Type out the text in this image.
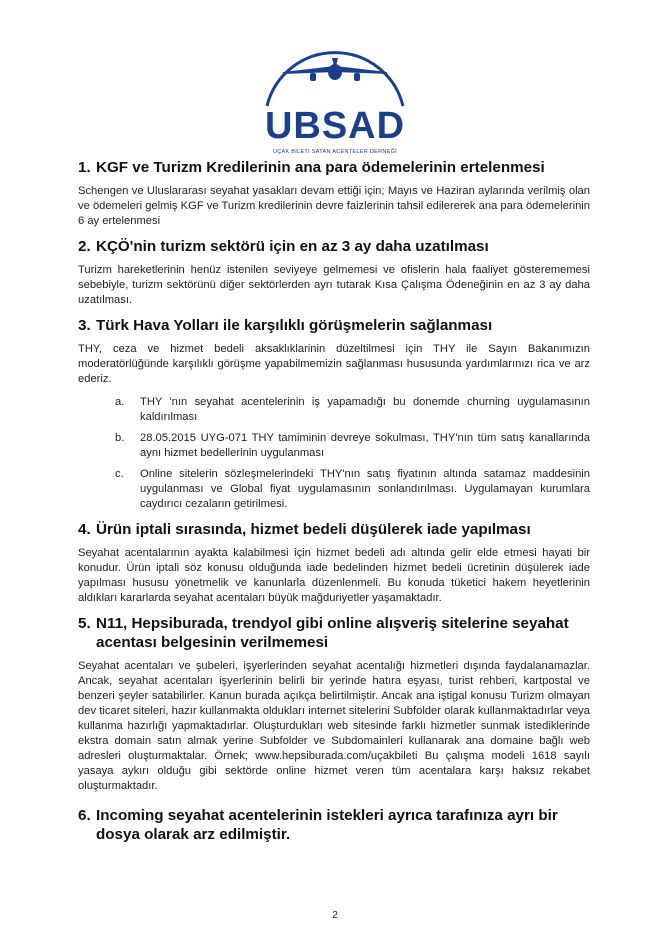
UBSAD
UÇAK BİLETİ SATAN ACENTELER DERNEĞİ
1. KGF ve Turizm Kredilerinin ana para ödemelerinin ertelenmesi

Schengen ve Uluslararası seyahat yasakları devam ettiği için; Mayıs ve Haziran aylarında verilmiş olan ve ödemeleri gelmiş KGF ve Turizm kredilerinin devre faizlerinin tahsil edilererek ana para ödemelerinin 6 ay ertelenmesi

2. KÇÖ'nin turizm sektörü için en az 3 ay daha uzatılması

Turizm hareketlerinin henüz istenilen seviyeye gelmemesi ve ofislerin hala faaliyet gösterememesi sebebiyle, turizm sektörünü diğer sektörlerden ayrı tutarak Kısa Çalışma Ödeneğinin en az 3 ay daha uzatılması.

3. Türk Hava Yolları ile karşılıklı görüşmelerin sağlanması

THY, ceza ve hizmet bedeli aksaklıklarinin düzeltilmesi için THY ile Sayın Bakanımızın moderatörlüğünde karşılıklı görüşme yapabilmemizin sağlanması hususunda yardımlarınızı rica ve arz ederiz.

a. THY 'nın seyahat acentelerinin iş yapamadığı bu donemde churning uygulamasının kaldırılması
b. 28.05.2015 UYG-071 THY tamiminin devreye sokulması, THY'nın tüm satış kanallarında aynı hizmet bedellerinin uygulanması
c. Online sitelerin sözleşmelerindeki THY'nın satış fiyatının altında satamaz maddesinin uygulanması ve Global fiyat uygulamasının sonlandırılması. Uygulamayan kurumlara caydırıcı cezaların getirilmesi.
4. Ürün iptali sırasında, hizmet bedeli düşülerek iade yapılması

Seyahat acentalarının ayakta kalabilmesi için hizmet bedeli adı altında gelir elde etmesi hayati bir konudur. Ürün iptali söz konusu olduğunda iade bedelinden hizmet bedeli ücretinin düşülerek iade yapılması hususu yönetmelik ve kanunlarla düzenlenmeli. Bu konuda tüketici hakem heyetlerinin aldıkları kararlarda seyahat acentaları büyük mağduriyetler yaşamaktadır.

5. N11, Hepsiburada, trendyol gibi online alışveriş sitelerine seyahat acentası belgesinin verilmemesi

Seyahat acentaları ve şubeleri, işyerlerinden seyahat acentalığı hizmetleri dışında faydalanamazlar. Ancak, seyahat acentaları işyerlerinin belirli bir yerinde hatıra eşyası, turist rehberi, kartpostal ve benzeri şeyler satabilirler. Kanun burada açıkça belirtilmiştir. Ancak ana iştigal konusu Turizm olmayan dev ticaret siteleri, hazır kullanmakta oldukları internet sitelerini Subfolder olarak kullanmaktadırlar veya kullanma hazırlığı yapmaktadırlar. Oluşturdukları web sitesinde farklı hizmetler sunmak istediklerinde ekstra domain satın almak yerine Subfolder ve Subdomainleri kullanarak ana domaine bağlı web adresleri oluşturmaktalar. Örnek; www.hepsiburada.com/uçakbileti Bu çalışma modeli 1618 sayılı yasaya aykırı olduğu gibi sektörde online hizmet veren tüm acentalara karşı haksız rekabet oluşturmaktadır.

6. Incoming seyahat acentelerinin istekleri ayrıca tarafınıza ayrı bir dosya olarak arz edilmiştir.
2
